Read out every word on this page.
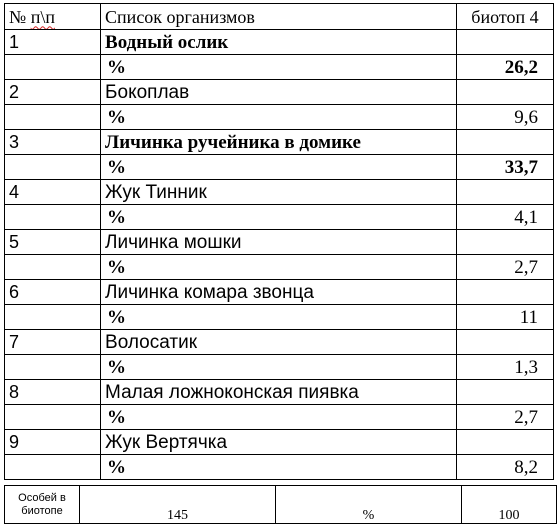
№ п\п	Список организмов	биотоп 4
1	Водный ослик	
	%	26,2
2	Бокоплав	
	%	9,6
3	Личинка ручейника в домике	
	%	33,7
4	Жук Тинник	
	%	4,1
5	Личинка мошки	
	%	2,7
6	Личинка комара звонца	
	%	11
7	Волосатик	
	%	1,3
8	Малая ложноконская пиявка	
	%	2,7
9	Жук Вертячка	
	%	8,2
Особей в
биотопе	145	%	100
